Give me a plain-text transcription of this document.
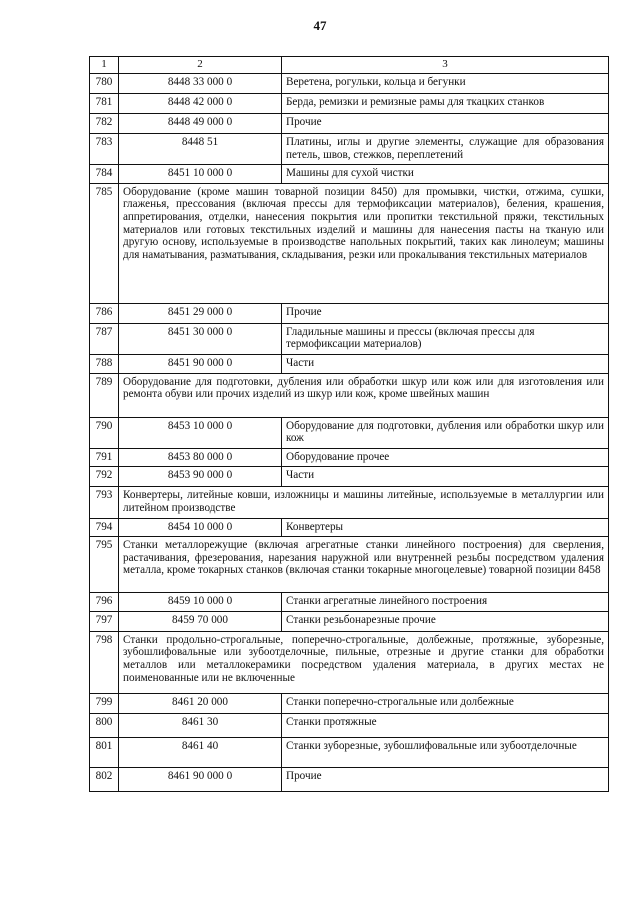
47
1	2	3
780	8448 33 000 0	Веретена, рогульки, кольца и бегунки
781	8448 42 000 0	Берда, ремизки и ремизные рамы для ткацких станков
782	8448 49 000 0	Прочие
783	8448 51	Платины, иглы и другие элементы, служащие для образования петель, швов, стежков, переплетений
784	8451 10 000 0	Машины для сухой чистки
785	Оборудование (кроме машин товарной позиции 8450) для промывки, чистки, отжима, сушки, глаженья, прессования (включая прессы для термофиксации материалов), беления, крашения, аппретирования, отделки, нанесения покрытия или пропитки текстильной пряжи, текстильных материалов или готовых текстильных изделий и машины для нанесения пасты на тканую или другую основу, используемые в производстве напольных покрытий, таких как линолеум; машины для наматывания, разматывания, складывания, резки или прокалывания текстильных материалов	
786	8451 29 000 0	Прочие
787	8451 30 000 0	Гладильные машины и прессы (включая прессы для термофиксации материалов)
788	8451 90 000 0	Части
789	Оборудование для подготовки, дубления или обработки шкур или кож или для изготовления или ремонта обуви или прочих изделий из шкур или кож, кроме швейных машин	
790	8453 10 000 0	Оборудование для подготовки, дубления или обработки шкур или кож
791	8453 80 000 0	Оборудование прочее
792	8453 90 000 0	Части
793	Конвертеры, литейные ковши, изложницы и машины литейные, используемые в металлургии или литейном производстве	
794	8454 10 000 0	Конвертеры
795	Станки металлорежущие (включая агрегатные станки линейного построения) для сверления, растачивания, фрезерования, нарезания наружной или внутренней резьбы посредством удаления металла, кроме токарных станков (включая станки токарные многоцелевые) товарной позиции 8458	
796	8459 10 000 0	Станки агрегатные линейного построения
797	8459 70 000	Станки резьбонарезные прочие
798	Станки продольно-строгальные, поперечно-строгальные, долбежные, протяжные, зуборезные, зубошлифовальные или зубоотделочные, пильные, отрезные и другие станки для обработки металлов или металлокерамики посредством удаления материала, в других местах не поименованные или не включенные	
799	8461 20 000	Станки поперечно-строгальные или долбежные
800	8461 30	Станки протяжные
801	8461 40	Станки зуборезные, зубошлифовальные или зубоотделочные
802	8461 90 000 0	Прочие
